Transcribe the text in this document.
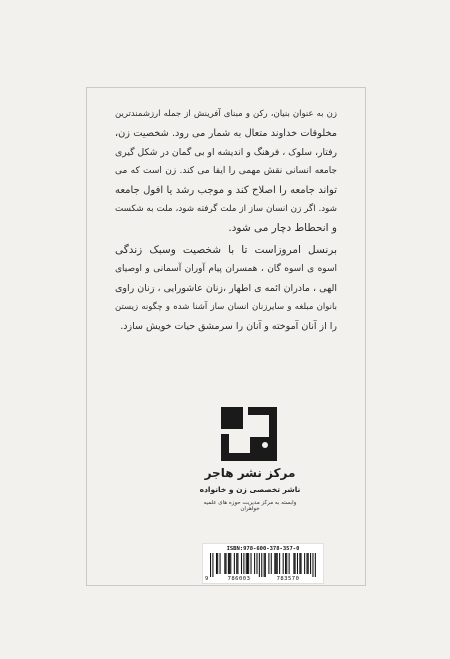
زن به عنوان بنیان، رکن و مبنای آفرینش از جمله ارزشمندترین
مخلوقات خداوند متعال به شمار می رود. شخصیت زن،
رفتار، سلوک ، فرهنگ و اندیشه او بی گمان در شکل گیری
جامعه انسانی نقش مهمی را ایفا می کند. زن است که می
تواند جامعه را اصلاح کند و موجب رشد یا افول جامعه
شود. اگر زن انسان ساز از ملت گرفته شود، ملت به شکست
و انحطاط دچار می شود.
برنسل امروزاست تا با شخصیت وسبک زندگی
اسوه ی اسوه گان ، همسران پیام آوران آسمانی و اوصیای
الهی ، مادران ائمه ی اطهار ،زنان عاشورایی ، زنان راوی
بانوان مبلغه و سایرزنان انسان ساز آشنا شده و چگونه زیستن
را از آنان آموخته و آنان را سرمشق حیات خویش سازد.
مرکز نشر هاجر
ناشر تخصصی زن و خانواده
وابسته به مرکز مدیریت حوزه های علمیه خواهران
ISBN:978-600-378-357-0
9	786003	783570
